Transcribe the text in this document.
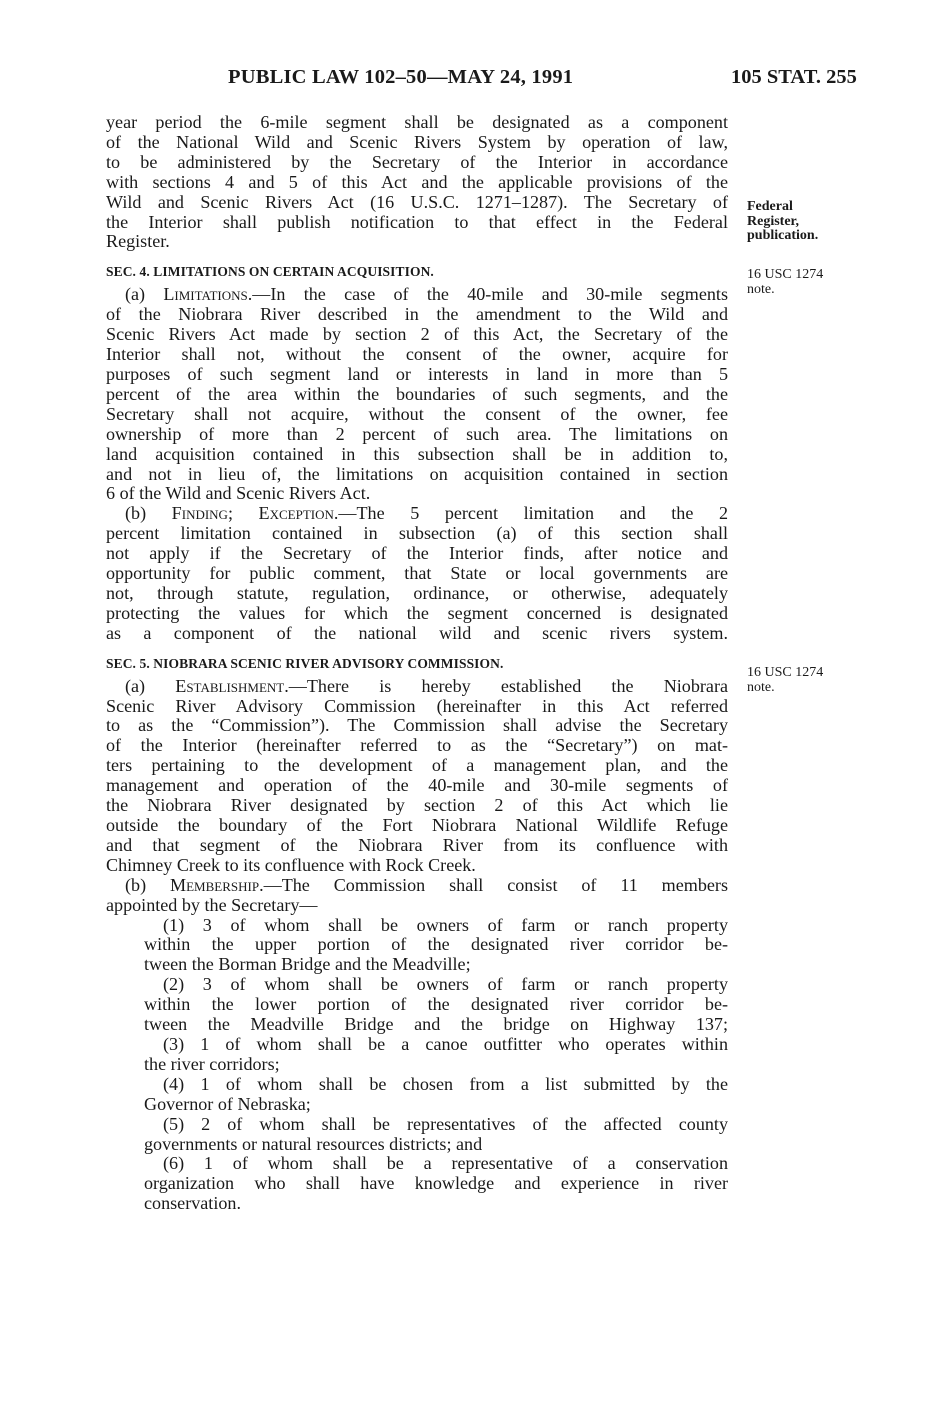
PUBLIC LAW 102–50—MAY 24, 1991	105 STAT. 255
Federal
Register,
publication.
16 USC 1274
note.
16 USC 1274
note.
year period the 6-mile segment shall be designated as a component
of the National Wild and Scenic Rivers System by operation of law,
to be administered by the Secretary of the Interior in accordance
with sections 4 and 5 of this Act and the applicable provisions of the
Wild and Scenic Rivers Act (16 U.S.C. 1271–1287). The Secretary of
the Interior shall publish notification to that effect in the Federal
Register.
SEC. 4. LIMITATIONS ON CERTAIN ACQUISITION.
(a) Limitations.—In the case of the 40-mile and 30-mile segments
of the Niobrara River described in the amendment to the Wild and
Scenic Rivers Act made by section 2 of this Act, the Secretary of the
Interior shall not, without the consent of the owner, acquire for
purposes of such segment land or interests in land in more than 5
percent of the area within the boundaries of such segments, and the
Secretary shall not acquire, without the consent of the owner, fee
ownership of more than 2 percent of such area. The limitations on
land acquisition contained in this subsection shall be in addition to,
and not in lieu of, the limitations on acquisition contained in section
6 of the Wild and Scenic Rivers Act.
(b) Finding; Exception.—The 5 percent limitation and the 2
percent limitation contained in subsection (a) of this section shall
not apply if the Secretary of the Interior finds, after notice and
opportunity for public comment, that State or local governments are
not, through statute, regulation, ordinance, or otherwise, adequately
protecting the values for which the segment concerned is designated
as a component of the national wild and scenic rivers system.
SEC. 5. NIOBRARA SCENIC RIVER ADVISORY COMMISSION.
(a) Establishment.—There is hereby established the Niobrara
Scenic River Advisory Commission (hereinafter in this Act referred
to as the “Commission”). The Commission shall advise the Secretary
of the Interior (hereinafter referred to as the “Secretary”) on mat-
ters pertaining to the development of a management plan, and the
management and operation of the 40-mile and 30-mile segments of
the Niobrara River designated by section 2 of this Act which lie
outside the boundary of the Fort Niobrara National Wildlife Refuge
and that segment of the Niobrara River from its confluence with
Chimney Creek to its confluence with Rock Creek.
(b) Membership.—The Commission shall consist of 11 members
appointed by the Secretary—
(1) 3 of whom shall be owners of farm or ranch property
within the upper portion of the designated river corridor be-
tween the Borman Bridge and the Meadville;
(2) 3 of whom shall be owners of farm or ranch property
within the lower portion of the designated river corridor be-
tween the Meadville Bridge and the bridge on Highway 137;
(3) 1 of whom shall be a canoe outfitter who operates within
the river corridors;
(4) 1 of whom shall be chosen from a list submitted by the
Governor of Nebraska;
(5) 2 of whom shall be representatives of the affected county
governments or natural resources districts; and
(6) 1 of whom shall be a representative of a conservation
organization who shall have knowledge and experience in river
conservation.
